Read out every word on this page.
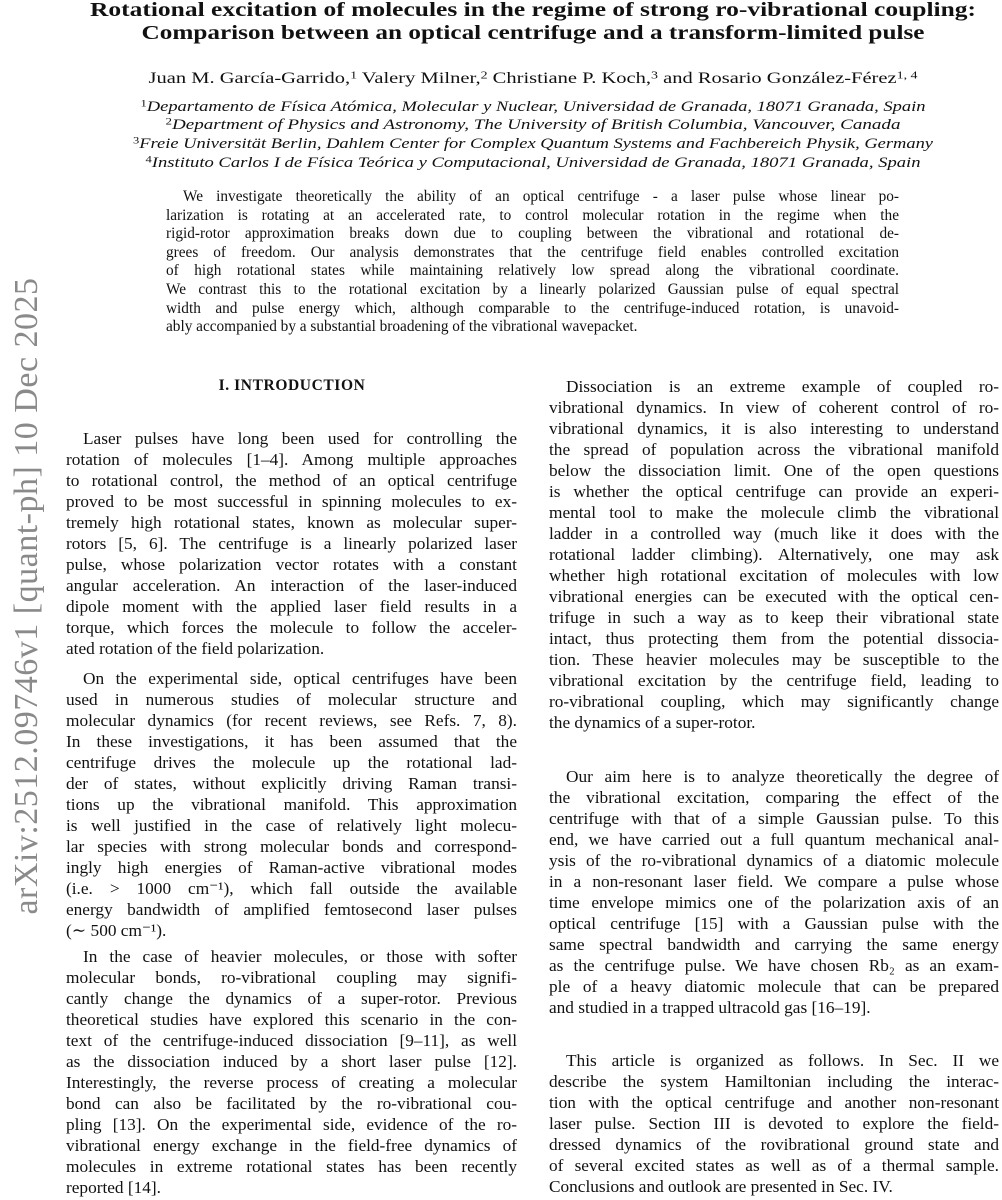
arXiv:2512.09746v1 [quant-ph] 10 Dec 2025
Rotational excitation of molecules in the regime of strong ro-vibrational coupling:
Comparison between an optical centrifuge and a transform-limited pulse
Juan M. García-Garrido,$^1$ Valery Milner,$^2$ Christiane P. Koch,$^3$ and Rosario González-Férez$^{1, 4}$
$^1$Departamento de Física Atómica, Molecular y Nuclear, Universidad de Granada, 18071 Granada, Spain
$^2$Department of Physics and Astronomy, The University of British Columbia, Vancouver, Canada
$^3$Freie Universität Berlin, Dahlem Center for Complex Quantum Systems and Fachbereich Physik, Germany
$^4$Instituto Carlos I de Física Teórica y Computacional, Universidad de Granada, 18071 Granada, Spain
We investigate theoretically the ability of an optical centrifuge - a laser pulse whose linear po-
larization is rotating at an accelerated rate, to control molecular rotation in the regime when the
rigid-rotor approximation breaks down due to coupling between the vibrational and rotational de-
grees of freedom. Our analysis demonstrates that the centrifuge field enables controlled excitation
of high rotational states while maintaining relatively low spread along the vibrational coordinate.
We contrast this to the rotational excitation by a linearly polarized Gaussian pulse of equal spectral
width and pulse energy which, although comparable to the centrifuge-induced rotation, is unavoid-
ably accompanied by a substantial broadening of the vibrational wavepacket.
I. INTRODUCTION
Laser pulses have long been used for controlling the
rotation of molecules [1–4]. Among multiple approaches
to rotational control, the method of an optical centrifuge
proved to be most successful in spinning molecules to ex-
tremely high rotational states, known as molecular super-
rotors [5, 6]. The centrifuge is a linearly polarized laser
pulse, whose polarization vector rotates with a constant
angular acceleration. An interaction of the laser-induced
dipole moment with the applied laser field results in a
torque, which forces the molecule to follow the acceler-
ated rotation of the field polarization.
On the experimental side, optical centrifuges have been
used in numerous studies of molecular structure and
molecular dynamics (for recent reviews, see Refs. 7, 8).
In these investigations, it has been assumed that the
centrifuge drives the molecule up the rotational lad-
der of states, without explicitly driving Raman transi-
tions up the vibrational manifold. This approximation
is well justified in the case of relatively light molecu-
lar species with strong molecular bonds and correspond-
ingly high energies of Raman-active vibrational modes
(i.e. > 1000 cm⁻¹), which fall outside the available
energy bandwidth of amplified femtosecond laser pulses
(∼ 500 cm⁻¹).
In the case of heavier molecules, or those with softer
molecular bonds, ro-vibrational coupling may signifi-
cantly change the dynamics of a super-rotor. Previous
theoretical studies have explored this scenario in the con-
text of the centrifuge-induced dissociation [9–11], as well
as the dissociation induced by a short laser pulse [12].
Interestingly, the reverse process of creating a molecular
bond can also be facilitated by the ro-vibrational cou-
pling [13]. On the experimental side, evidence of the ro-
vibrational energy exchange in the field-free dynamics of
molecules in extreme rotational states has been recently
reported [14].
Dissociation is an extreme example of coupled ro-
vibrational dynamics. In view of coherent control of ro-
vibrational dynamics, it is also interesting to understand
the spread of population across the vibrational manifold
below the dissociation limit. One of the open questions
is whether the optical centrifuge can provide an experi-
mental tool to make the molecule climb the vibrational
ladder in a controlled way (much like it does with the
rotational ladder climbing). Alternatively, one may ask
whether high rotational excitation of molecules with low
vibrational energies can be executed with the optical cen-
trifuge in such a way as to keep their vibrational state
intact, thus protecting them from the potential dissocia-
tion. These heavier molecules may be susceptible to the
vibrational excitation by the centrifuge field, leading to
ro-vibrational coupling, which may significantly change
the dynamics of a super-rotor.
Our aim here is to analyze theoretically the degree of
the vibrational excitation, comparing the effect of the
centrifuge with that of a simple Gaussian pulse. To this
end, we have carried out a full quantum mechanical anal-
ysis of the ro-vibrational dynamics of a diatomic molecule
in a non-resonant laser field. We compare a pulse whose
time envelope mimics one of the polarization axis of an
optical centrifuge [15] with a Gaussian pulse with the
same spectral bandwidth and carrying the same energy
as the centrifuge pulse. We have chosen Rb₂ as an exam-
ple of a heavy diatomic molecule that can be prepared
and studied in a trapped ultracold gas [16–19].
This article is organized as follows. In Sec. II we
describe the system Hamiltonian including the interac-
tion with the optical centrifuge and another non-resonant
laser pulse. Section III is devoted to explore the field-
dressed dynamics of the rovibrational ground state and
of several excited states as well as of a thermal sample.
Conclusions and outlook are presented in Sec. IV.
